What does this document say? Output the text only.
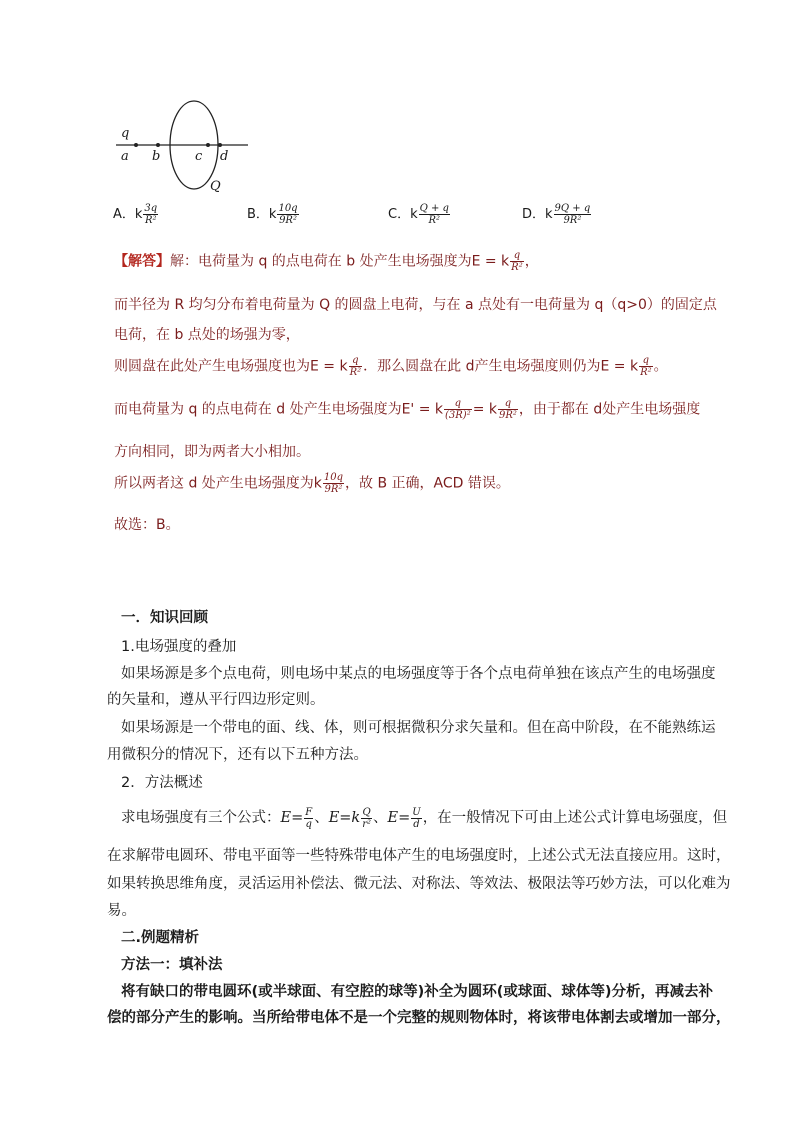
q
a b	c d
Q
A．k $\frac{3q}{\text{R²}}$	B．k $\frac{10q}{\text{9R²}}$	C．k $\frac{Q + q}{\text{R²}}$	D．k $\frac{9Q + q}{\text{9R²}}$
【解答】解：电荷量为 q 的点电荷在 b 处产生电场强度为E = k $\frac{q}{\text{R²}}$ ，
而半径为 R 均匀分布着电荷量为 Q 的圆盘上电荷，与在 a 点处有一电荷量为 q（q>0）的固定点
电荷，在 b 点处的场强为零，
则圆盘在此处产生电场强度也为E = k $\frac{q}{\text{R²}}$ ．那么圆盘在此 d产生电场强度则仍为E = k $\frac{q}{\text{R²}}$ 。
而电荷量为 q 的点电荷在 d 处产生电场强度为E' = k $\frac{q}{\text{(3R)²}} = k \frac{q}{\text{9R²}}$ ，由于都在 d处产生电场强度
方向相同，即为两者大小相加。
所以两者这 d 处产生电场强度为k $\frac{10q}{\text{9R²}}$ ，故 B 正确，ACD 错误。
故选：B。
一．知识回顾
1.电场强度的叠加
如果场源是多个点电荷，则电场中某点的电场强度等于各个点电荷单独在该点产生的电场强度
的矢量和，遵从平行四边形定则。
如果场源是一个带电的面、线、体，则可根据微积分求矢量和。但在高中阶段，在不能熟练运
用微积分的情况下，还有以下五种方法。
2．方法概述
求电场强度有三个公式：$E= \frac{F}{q}$ 、$E=k \frac{Q}{\text{r²}}$ 、$E= \frac{U}{d}$ ，在一般情况下可由上述公式计算电场强度，但
在求解带电圆环、带电平面等一些特殊带电体产生的电场强度时，上述公式无法直接应用。这时，
如果转换思维角度，灵活运用补偿法、微元法、对称法、等效法、极限法等巧妙方法，可以化难为
易。
二.例题精析
方法一：填补法
将有缺口的带电圆环(或半球面、有空腔的球等)补全为圆环(或球面、球体等)分析，再减去补
偿的部分产生的影响。当所给带电体不是一个完整的规则物体时，将该带电体割去或增加一部分，
